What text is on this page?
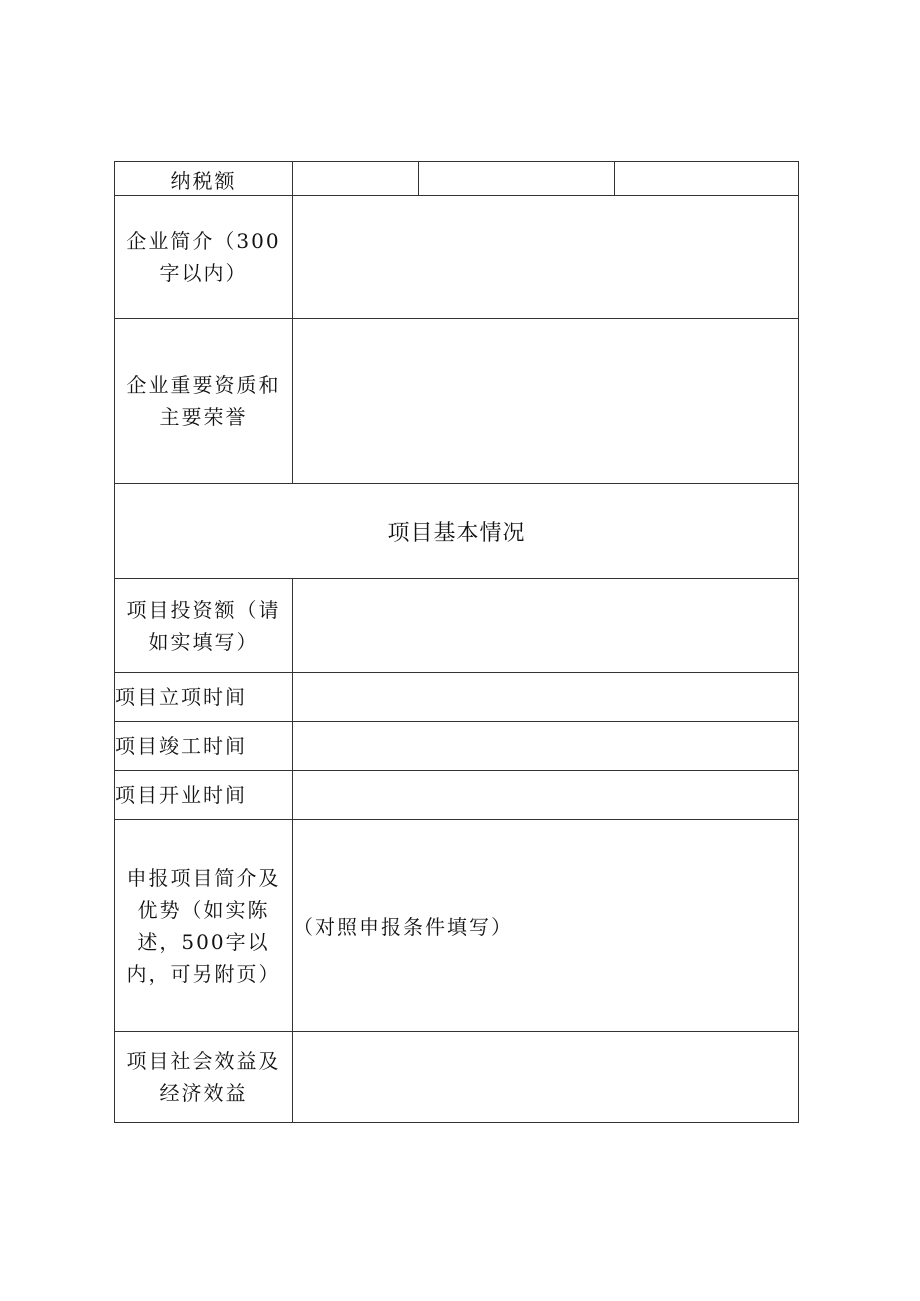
纳税额			

企业简介（300
字以内）			

企业重要资质和
主要荣誉			

项目基本情况			

项目投资额（请
如实填写）			

项目立项时间			

项目竣工时间			

项目开业时间			

申报项目简介及
优势（如实陈
述，500字以
内，可另附页）	（对照申报条件填写）		

项目社会效益及
经济效益			
